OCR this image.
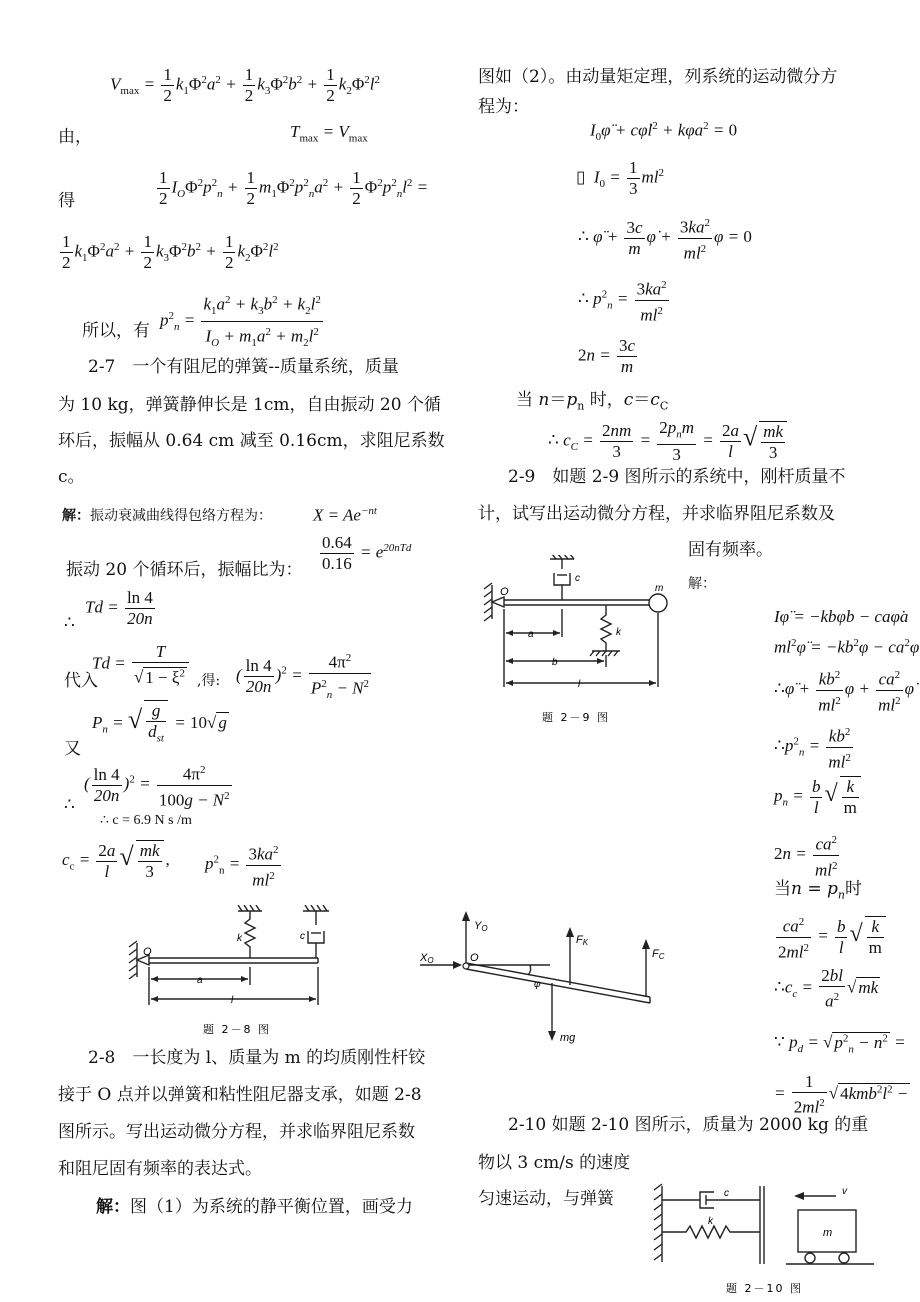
$V_{max} = \frac{1}{2} k_1\Phi^2a^2 + \frac{1}{2} k_3\Phi^2b^2 + \frac{1}{2} k_2\Phi^2l^2$
由，	$T_{max} = V_{max}$
$\frac{1}{2} I_O\Phi^2p^2_n + \frac{1}{2} m_1\Phi^2p^2_na^2 + \frac{1}{2} \Phi^2p^2_nl^2$ =
得
$\frac{1}{2} k_1\Phi^2a^2 + \frac{1}{2} k_3\Phi^2b^2 + \frac{1}{2} k_2\Phi^2l^2$
$p^2_n = \frac{k_1a^2 + k_3b^2 + k_2l^2}{I_O + m_1a^2 + m_2l^2}$
所以，有
2-7　一个有阻尼的弹簧--质量系统，质量
为 10 kg，弹簧静伸长是 1cm，自由振动 20 个循
环后，振幅从 0.64 cm 减至 0.16cm，求阻尼系数
c。
解：振动衰减曲线得包络方程为： $X = Ae^{-nt}$
$\frac{0.64}{0.16} = e^{20nTd}$
振动 20 个循环后，振幅比为：
$Td = \frac{\ln 4}{20n}$
∴
$Td = \frac{T}{√ 1 - \xi^2}$
代入	,得: ( $\frac{\ln 4}{20n} )^2 = \frac{4\pi^2}{P^2_n - N^2}$
$P_n$ = √ $\frac{g}{d_{st}} = 10√$ g
又
( $\frac{\ln 4}{20n} )^2 = \frac{4\pi^2}{100g - N^2}$
∴
∴ c = 6.9 N s /m
$c_c = \frac{2a}{l}$ √ $\frac{mk}{3}$ , $p^2_n = \frac{3ka^2}{ml^2}$
O
k	c
a
l
题 2－8 图
2-8　一长度为 l、质量为 m 的均质刚性杆铰
接于 O 点并以弹簧和粘性阻尼器支承，如题 2-8
图所示。写出运动微分方程，并求临界阻尼系数
和阻尼固有频率的表达式。
解：图（1）为系统的静平衡位置，画受力
图如（2）。由动量矩定理，列系统的运动微分方
程为：
$I_0\varphï$ + $c\varphi̇l^2 + k\varphi a^2 = 0$
▯  $I_0 = \frac{1}{3} ml^2$
∴ φ̈ + $\frac{3c}{m}$ φ̇ + $\frac{3ka^2}{ml^2}$ φ = 0
∴ $p^2_n = \frac{3ka^2}{ml^2}$
$2n = \frac{3c}{m}$
当 $n=p_n$ 时，$c=c_C$
∴ $c_C = \frac{2nm}{3} = \frac{2p_nm}{3} = \frac{2a}{l}$ √ $\frac{mk}{3}$
2-9　如题 2-9 图所示的系统中，刚杆质量不
计，试写出运动微分方程，并求临界阻尼系数及
固有频率。
解：
O
c
m
k
a
b
l
题 2－9 图
Iφ̈ = −kbφb − caφ̇a
$ml^2\varphï = -kb^2\varphi$ − $ca^2\varphi̇$
∴φ̈ + $\frac{kb^2}{ml^2}$ $\varphi + \frac{ca^2}{ml^2}$ φ̇
$\therefore p^2_n = \frac{kb^2}{ml^2}$
$p_n = \frac{b}{l}$ √ $\frac{k}{m}$
$2n = \frac{ca^2}{ml^2}$
当$n = p_n$时
$\frac{ca^2}{2ml^2} = \frac{b}{l}$ √ $\frac{k}{m}$
$\therefore c_c = \frac{2bl}{a^2}$ √ mk
∵ $p_d$ = √ $p^2_n - n^2$ =
= $\frac{1}{2ml^2}$ √ $4kmb^2l^2$ −
YO
XO	O
φ
FK
FC
mg
2-10 如题 2-10 图所示，质量为 2000 kg 的重
物以 3 cm/s 的速度
匀速运动，与弹簧	c
k
v
m
题 2－10 图
